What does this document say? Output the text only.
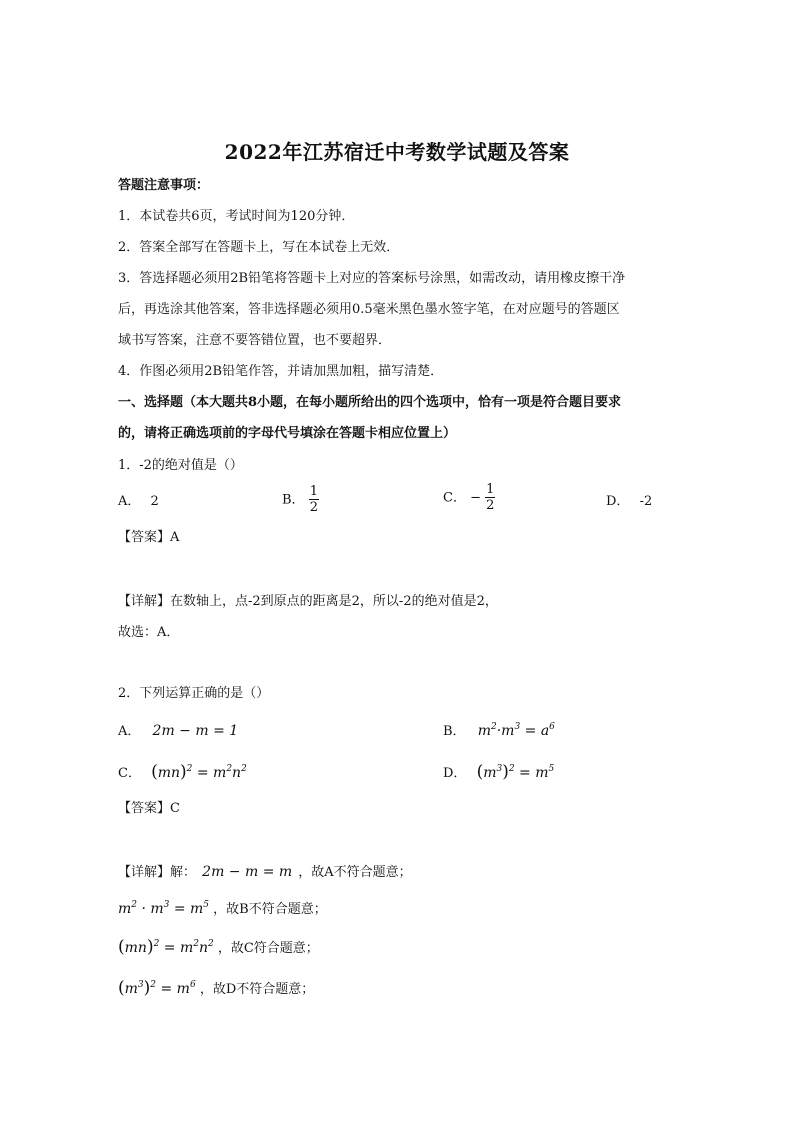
2022年江苏宿迁中考数学试题及答案
答题注意事项：
1．本试卷共6页，考试时间为120分钟．
2．答案全部写在答题卡上，写在本试卷上无效．
3．答选择题必须用2B铅笔将答题卡上对应的答案标号涂黑，如需改动，请用橡皮擦干净
后，再选涂其他答案，答非选择题必须用0.5毫米黑色墨水签字笔，在对应题号的答题区
域书写答案，注意不要答错位置，也不要超界．
4．作图必须用2B铅笔作答，并请加黑加粗，描写清楚．
一、选择题（本大题共8小题，在每小题所给出的四个选项中，恰有一项是符合题目要求
的，请将正确选项前的字母代号填涂在答题卡相应位置上）
1．-2的绝对值是（）
A． 2	B． $\frac{1}{2}$	C． − $\frac{1}{2}$	D． -2
【答案】A
【详解】在数轴上，点-2到原点的距离是2，所以-2的绝对值是2，
故选：A．
2．下列运算正确的是（）
A． 2m − m = 1	B． $m^2\cdot m^3 = a^6$
C． $(mn)^2 = m^2n^2$	D． $(m^3)^2 = m^5$
【答案】C
【详解】解： 2m − m = m ，故A不符合题意；
$m^2 \cdot m^3 = m^5$ ，故B不符合题意；
$(mn)^2 = m^2n^2$ ，故C符合题意；
$(m^3)^2 = m^6$ ，故D不符合题意；
